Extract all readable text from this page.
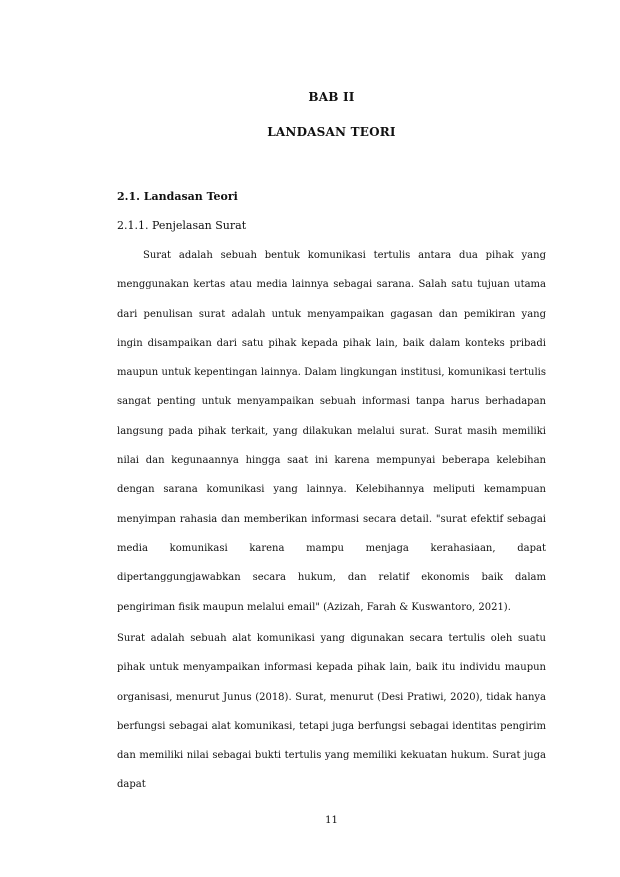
BAB II
LANDASAN TEORI
2.1. Landasan Teori
2.1.1. Penjelasan Surat

Surat adalah sebuah bentuk komunikasi tertulis antara dua pihak yang menggunakan kertas atau media lainnya sebagai sarana. Salah satu tujuan utama dari penulisan surat adalah untuk menyampaikan gagasan dan pemikiran yang ingin disampaikan dari satu pihak kepada pihak lain, baik dalam konteks pribadi maupun untuk kepentingan lainnya. Dalam lingkungan institusi, komunikasi tertulis sangat penting untuk menyampaikan sebuah informasi tanpa harus berhadapan langsung pada pihak terkait, yang dilakukan melalui surat. Surat masih memiliki nilai dan kegunaannya hingga saat ini karena mempunyai beberapa kelebihan dengan sarana komunikasi yang lainnya. Kelebihannya meliputi kemampuan menyimpan rahasia dan memberikan informasi secara detail. "surat efektif sebagai media komunikasi karena mampu menjaga kerahasiaan, dapat dipertanggungjawabkan secara hukum, dan relatif ekonomis baik dalam pengiriman fisik maupun melalui email" (Azizah, Farah & Kuswantoro, 2021).

Surat adalah sebuah alat komunikasi yang digunakan secara tertulis oleh suatu pihak untuk menyampaikan informasi kepada pihak lain, baik itu individu maupun organisasi, menurut Junus (2018). Surat, menurut (Desi Pratiwi, 2020), tidak hanya berfungsi sebagai alat komunikasi, tetapi juga berfungsi sebagai identitas pengirim dan memiliki nilai sebagai bukti tertulis yang memiliki kekuatan hukum. Surat juga dapat

11
